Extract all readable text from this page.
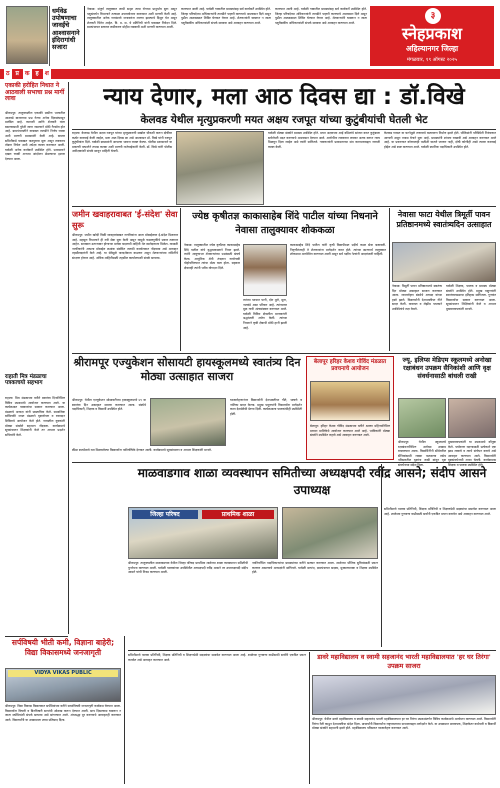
धर्मवेढ उपोषणाचा जावईंचे आश्वासनाने इंदिरागांधी सजारा
नेवासा: संपूर्ण तालुक्यात लम्पी सदृश त्वचा रोगाचा प्रादुर्भाव सुरू असून पशुसंवर्धन विभागाने तत्काळ उपाययोजना कराव्यात अशी मागणी केली आहे. तालुक्यातील अनेक गावांमध्ये जनावरांना लागण झाल्याचे दिसून येत असून शेतकरी चिंतेत आहेत. वि. प्र. स. चे प्रतिनिधी यांनी याबाबत निवेदन दिले. ग्रामपंचायत स्तरावर लसीकरण मोहीम राबवावी अशी मागणी करण्यात आली.
करण्यात आली आहे. यावेळी गावातील ग्रामस्थांसह सर्व कार्यकर्ते उपस्थित होते. जिल्हा परिषदेच्या अधिकाऱ्यांनी तातडीने पाहणी करण्याचे आश्वासन दिले असून पुढील आठवड्यात शिबिर घेण्यात येणार आहे. शेतकऱ्यांनी घाबरून न जाता पशुवैद्यकीय अधिकाऱ्यांशी संपर्क साधावा असे आवाहन करण्यात आले.
करण्यात आली आहे. यावेळी गावातील ग्रामस्थांसह सर्व कार्यकर्ते उपस्थित होते. जिल्हा परिषदेच्या अधिकाऱ्यांनी तातडीने पाहणी करण्याचे आश्वासन दिले असून पुढील आठवड्यात शिबिर घेण्यात येणार आहे. शेतकऱ्यांनी घाबरून न जाता पशुवैद्यकीय अधिकाऱ्यांशी संपर्क साधावा असे आवाहन करण्यात आले.
३
स्नेहप्रकाश
अहिल्यानगर जिल्हा
मंगळवार, १९ ऑगस्ट २०२५
ठ	प्र	क	ह	श
एकाकी हरोहित निधात ने आठवाली सभाचा प्रश्न मार्गी लावा
श्रीरामपूर: तालुक्यातील एकाकी ग्रामीण भागातील आठवडे बाजाराचा प्रश्न गेल्या अनेक दिवसांपासून प्रलंबित आहे. व्यापारी आणि शेतकरी यांना बसण्यासाठी पुरेशी जागा नसल्याने मोठी गैरसोय होत आहे. ग्रामपंचायतीने याबाबत तातडीने निर्णय घ्यावा अशी मागणी ग्रामस्थांनी केली आहे. बाजार समितीकडे याबाबत पाठपुरावा सुरू असून लवकरच तोडगा निघेल अशी अपेक्षा व्यक्त करण्यात आली. यावेळी अनेक कार्यकर्ते उपस्थित होते. प्रशासनाने दखल घ्यावी अन्यथा आंदोलन छेडण्याचा इशारा देण्यात आला.
राहाती मित्र मंडळाचा पत्रकाचयो सहभाग
राहाता: मित्र मंडळाच्या वतीने स्वातंत्र्य दिनानिमित्त विविध उपक्रमांचे आयोजन करण्यात आले. या कार्यक्रमात पत्रकारांचा सत्कार करण्यात आला. मंडळाचे अध्यक्ष यांनी प्रास्ताविक केले. सामाजिक बांधिलकी जपत मंडळाने वृक्षारोपण व रक्तदान शिबिराचे आयोजन केले होते. गावातील युवकांनी मोठ्या संख्येने सहभाग नोंदवला. कार्यक्रमाचे सूत्रसंचालन शिक्षकांनी केले तर आभार प्रदर्शन सचिवांनी केले.
न्याय देणार, मला आठ दिवस द्या : डॉ.विखे
केलवड येथील मृत्युप्रकरणी मयत अक्षय रजपूत यांच्या कुटुंबीयांची घेतली भेट
राहाता: केलवड येथील अक्षय रजपूत यांच्या मृत्यूप्रकरणी सखोल चौकशी करून दोषींवर कठोर कारवाई केली जाईल, मला आठ दिवस द्या असे आश्वासन डॉ. विखे यांनी रजपूत कुटुंबीयांना दिले. यावेळी ग्रामस्थांनी आपल्या भावना व्यक्त केल्या. पोलीस प्रशासनाने या प्रकरणी तत्परतेने तपास करावा अशी मागणी नातेवाईकांनी केली. डॉ. विखे यांनी पोलीस अधीक्षकांशी संपर्क साधून माहिती घेतली.
यावेळी मोठ्या संख्येने ग्रामस्थ उपस्थित होते. मयत अक्षयच्या आई वडिलांचे सांत्वन करत कुटुंबाला सर्वतोपरी मदत करण्याचे आश्वासन देण्यात आले. आरोपींना लवकरात लवकर अटक करून न्याय मिळवून दिला जाईल असे त्यांनी सांगितले. गावकऱ्यांनी प्रशासनाच्या संथ कारभाराबद्दल नाराजी व्यक्त केली.
केलवड गावात या घटनेमुळे तणावाचे वातावरण निर्माण झाले होते. पोलिसांनी परिस्थिती नियंत्रणात आणली असून तपास वेगाने सुरू आहे. ग्रामस्थांनी शांतता राखावी असे आवाहन करण्यात आले आहे. या प्रकरणात कोणालाही पाठीशी घातले जाणार नाही, दोषी कोणीही असो त्यावर कारवाई होईल असे स्पष्ट करण्यात आले. यावेळी स्थानिक पदाधिकारी उपस्थित होते.
जमीन खवाहरावाबत 'ई-संदेश' सेवा सुरू
श्रीरामपूर: जमीन खरेदी विक्री व्यवहारांबाबत नागरिकांना आता मोबाईलवर ई-संदेश मिळणार आहे. महसूल विभागाने ही नवी सेवा सुरू केली असून यामुळे फसवणुकीचे प्रकार टळणार आहेत. सातबारा उताऱ्यावर होणाऱ्या प्रत्येक बदलाची माहिती थेट खातेदाराला मिळेल. यासाठी नागरिकांनी आपला मोबाईल क्रमांक संबंधित तलाठी कार्यालयात नोंदवावा असे आवाहन तहसीलदारांनी केले आहे. या सेवेमुळे पारदर्शकता वाढणार असून शेतकऱ्यांच्या जमिनींचे संरक्षण होणार आहे. अधिक माहितीसाठी तहसील कार्यालयाशी संपर्क साधावा.
ज्येष्ठ कृषीतज्ञ काकासाहेब शिंदे पाटील यांच्या निधनाने नेवासा तालुक्यावर शोककळा
नेवासा: तालुक्यातील ज्येष्ठ कृषीतज्ञ काकासाहेब शिंदे पाटील यांचे वृद्धापकाळाने निधन झाले. त्यांनी आयुष्यभर शेतकऱ्यांच्या प्रश्नांसाठी संघर्ष केला. आधुनिक शेती तंत्रज्ञान गावोगावी पोहोचविण्यात त्यांचा मोठा वाटा होता. सहकार क्षेत्रातही त्यांनी भरीव योगदान दिले.
त्यांच्या पश्चात पत्नी, दोन मुले, सुना, नातवंडे असा परिवार आहे. त्यांच्यावर मूळ गावी अंत्यसंस्कार करण्यात आले. यावेळी विविध क्षेत्रातील मान्यवरांनी श्रद्धांजली अर्पण केली. त्यांच्या निधनाने कृषी क्षेत्राची मोठी हानी झाली आहे.
काकासाहेब शिंदे पाटील यांनी कृषी विद्यापीठात प्रदीर्घ काळ सेवा बजावली. निवृत्तीनंतरही ते शेतकऱ्यांना मार्गदर्शन करत होते. त्यांच्या स्मरणार्थ तालुक्यात शोकसभा आयोजित करण्यात आली असून सर्व पक्षीय नेत्यांनी आदरांजली वाहिली.
नेवासा फाटा येथील त्रिमूर्ती पावन प्रतिष्ठानमध्ये स्वातंत्र्यदिन उत्साहात
नेवासा: त्रिमूर्ती पावन प्रतिष्ठानमध्ये स्वातंत्र्य दिन मोठ्या उत्साहात साजरा करण्यात आला. ध्वजारोहण संस्थेचे अध्यक्ष यांच्या हस्ते झाले. विद्यार्थ्यांनी देशभक्तीपर गीते सादर केली. कवायत व लेझीम पथकाने उपस्थितांचे लक्ष वेधले.
यावेळी शिक्षक, पालक व ग्रामस्थ मोठ्या संख्येने उपस्थित होते. प्रमुख पाहुण्यांनी स्वातंत्र्यलढ्याचा इतिहास सांगितला. गुणवंत विद्यार्थ्यांचा सत्कार करण्यात आला. सूत्रसंचालन शिक्षिकांनी केले व आभार मुख्याध्यापकांनी मानले.
श्रीरामपूर एज्युकेशन सोसायटी हायस्कूलमध्ये स्वातंत्र्य दिन मोठ्या उत्साहात साजरा
श्रीरामपूर: येथील एज्युकेशन सोसायटीच्या हायस्कूलमध्ये ७९ वा स्वातंत्र्य दिन उत्साहात साजरा करण्यात आला. संस्थेचे पदाधिकारी, शिक्षक व विद्यार्थी उपस्थित होते.
ध्वजारोहणानंतर विद्यार्थ्यांनी देशभक्तीपर गीते, भाषणे व नाटिका सादर केल्या. प्रमुख पाहुण्यांनी विद्यार्थ्यांना मार्गदर्शन करत देशसेवेची प्रेरणा दिली. कार्यक्रमाला पालकांचीही उपस्थिती होती.
क्रीडा स्पर्धांमध्ये यश मिळवलेल्या विद्यार्थ्यांना पारितोषिके देण्यात आली. कार्यक्रमाचे सूत्रसंचालन व आभार शिक्षकांनी मानले.
बेलापूर हरिहर केशव गोविंद मंडळात प्रवचनाचे आयोजन
बेलापूर: हरिहर केशव गोविंद मंडळाच्या वतीने श्रावण महिन्यानिमित्त प्रवचन मालिकेचे आयोजन करण्यात आले आहे. भाविकांनी मोठ्या संख्येने उपस्थित राहावे असे आवाहन करण्यात आले.
ज्यू. इलिप्स मेडिएम स्कूलमध्ये अनोखा रक्षाबंधन उपक्रम सैनिकांशी आणि वृक्ष संवर्धनासाठी बांधली राखी
श्रीरामपूर: येथील स्कूलमध्ये रक्षाबंधनानिमित्त अनोखा उपक्रम राबवण्यात आला. विद्यार्थिनींनी सीमेवरील सैनिकांसाठी राख्या पाठवल्या तसेच परिसरातील वृक्षांना राखी बांधून वृक्ष संवर्धनाचा संदेश दिला.
मुख्याध्यापकांनी या उपक्रमाचे कौतुक केले. पर्यावरण रक्षणासाठी प्रत्येकाने एक झाड लावावे व त्याचे संगोपन करावे असे आवाहन करण्यात आले. विद्यार्थ्यांनी वृक्षसंवर्धनाची शपथ घेतली. कार्यक्रमास शिक्षक व पालक उपस्थित होते.
सर्पविषयी भीती कमी, विज्ञाना बाहेरी; विद्या विकासमध्ये जनजागृती
VIDYA VIKAS PUBLIC
श्रीरामपूर: विद्या विकास विद्यालयात सर्पमित्रांच्या वतीने सापांविषयी जनजागृती कार्यक्रम घेण्यात आला. विद्यार्थ्यांना विषारी व बिनविषारी सापांची ओळख करून देण्यात आली. साप दिसल्यास घाबरून न जाता सर्पमित्रांशी संपर्क साधावा असे सांगण्यात आले. अंधश्रद्धा दूर करण्याचे आवाहनही करण्यात आले. विद्यार्थ्यांनी या उपक्रमाला उत्तम प्रतिसाद दिला.
माळवाडगाव शाळा व्यवस्थापन समितीच्या अध्यक्षपदी रवींद्र आसने; संदीप आसने उपाध्यक्ष
जिल्हा परिषद	प्राथमिक शाळा
श्रीरामपूर: तालुक्यातील माळवाडगाव येथील जिल्हा परिषद प्राथमिक शाळेच्या शाळा व्यवस्थापन समितीची पुनर्रचना करण्यात आली. यावेळी पालकांच्या उपस्थितीत अध्यक्षपदी रवींद्र आसने तर उपाध्यक्षपदी संदीप आसने यांची निवड करण्यात आली.
नवनिर्वाचित पदाधिकाऱ्यांचा ग्रामस्थांच्या वतीने सत्कार करण्यात आला. शाळेच्या भौतिक सुविधांसाठी प्रयत्न करणार असल्याचे अध्यक्षांनी सांगितले. यावेळी सरपंच, ग्रामपंचायत सदस्य, मुख्याध्यापक व शिक्षक उपस्थित होते.
समितीमध्ये पालक प्रतिनिधी, शिक्षक प्रतिनिधी व शिक्षणप्रेमी सदस्यांचा समावेश करण्यात आला आहे. शाळेच्या गुणवत्ता वाढीसाठी सर्वांनी एकत्रित प्रयत्न करावेत असे आवाहन करण्यात आले.
समितीमध्ये पालक प्रतिनिधी, शिक्षक प्रतिनिधी व शिक्षणप्रेमी सदस्यांचा समावेश करण्यात आला आहे. शाळेच्या गुणवत्ता वाढीसाठी सर्वांनी एकत्रित प्रयत्न करावेत असे आवाहन करण्यात आले.	डावरे महाविद्यालय व स्वामी सहजानंद भारती महाविद्यालयात 'हर घर तिरंगा' उपक्रम साजरा
श्रीरामपूर: येथील डावरे महाविद्यालय व स्वामी सहजानंद भारती महाविद्यालयात हर घर तिरंगा उपक्रमांतर्गत विविध कार्यक्रमांचे आयोजन करण्यात आले. विद्यार्थ्यांनी तिरंगा रॅली काढून देशभक्तीचा संदेश दिला. प्राचार्यांनी विद्यार्थ्यांना राष्ट्रध्वजाच्या सन्मानाबद्दल मार्गदर्शन केले. या उपक्रमात प्राध्यापक, शिक्षकेतर कर्मचारी व विद्यार्थी मोठ्या संख्येने सहभागी झाले होते. महाविद्यालय परिसरात ध्वजारोहण करण्यात आले.
